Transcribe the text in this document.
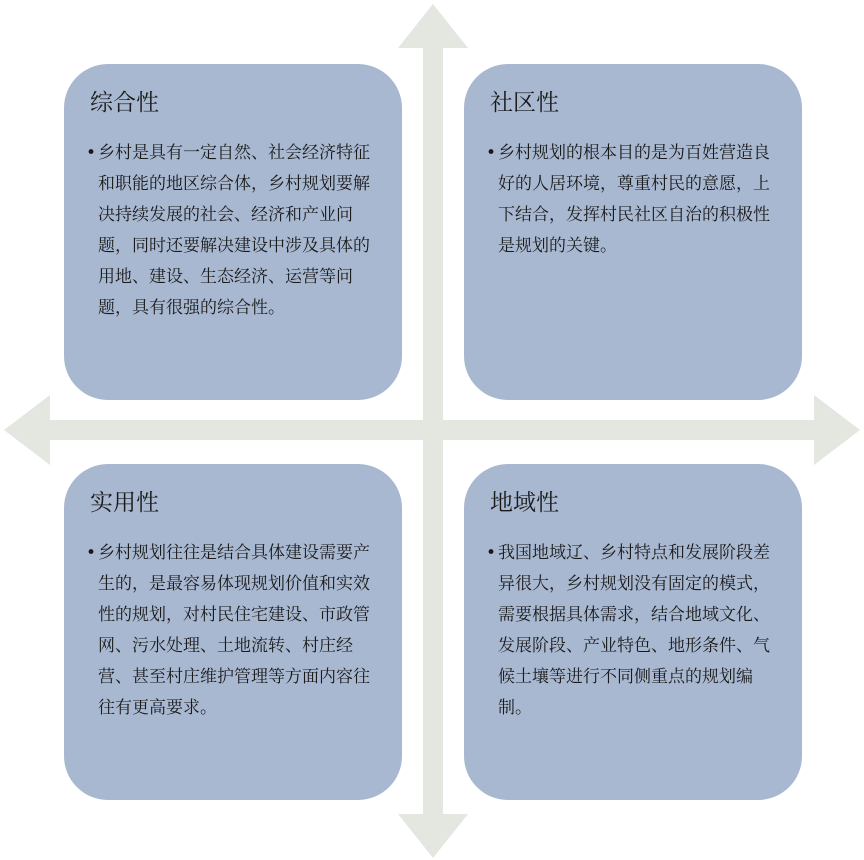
综合性

• 乡村是具有一定自然、社会经济特征和职能的地区综合体，乡村规划要解决持续发展的社会、经济和产业问题，同时还要解决建设中涉及具体的用地、建设、生态经济、运营等问题，具有很强的综合性。

社区性

• 乡村规划的根本目的是为百姓营造良好的人居环境，尊重村民的意愿，上下结合，发挥村民社区自治的积极性是规划的关键。

实用性

• 乡村规划往往是结合具体建设需要产生的，是最容易体现规划价值和实效性的规划，对村民住宅建设、市政管网、污水处理、土地流转、村庄经营、甚至村庄维护管理等方面内容往往有更高要求。

地域性

• 我国地域辽、乡村特点和发展阶段差异很大，乡村规划没有固定的模式，需要根据具体需求，结合地域文化、发展阶段、产业特色、地形条件、气候土壤等进行不同侧重点的规划编制。
